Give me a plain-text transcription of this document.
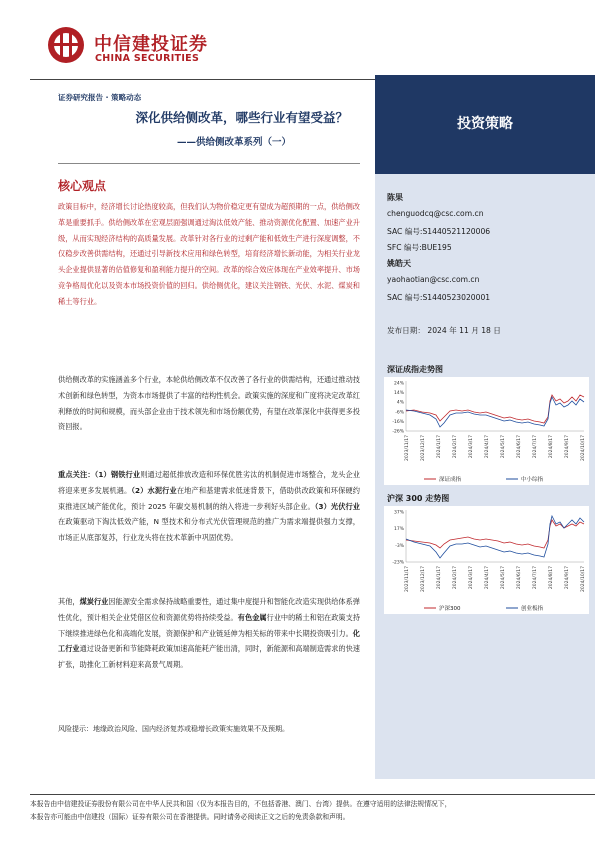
中信建投证券
CHINA SECURITIES
证券研究报告 · 策略动态
深化供给侧改革，哪些行业有望受益？
——供给侧改革系列（一）
投资策略
核心观点
政策目标中，经济增长讨论热度较高，但我们认为物价稳定更有望成为超预期的一点，供给侧改革是重要抓手。供给侧改革在宏观层面强调通过淘汰低效产能、推动资源优化配置、加速产业升级，从而实现经济结构的高质量发展。改革针对各行业的过剩产能和低效生产进行深度调整，不仅稳步改善供需结构，还通过引导新技术应用和绿色转型，培育经济增长新动能，为相关行业龙头企业提供显著的估值修复和盈利能力提升的空间。改革的综合效应体现在产业效率提升、市场竞争格局优化以及资本市场投资价值的回归。供给侧优化，建议关注钢铁、光伏、水泥、煤炭和稀土等行业。
供给侧改革的实施涵盖多个行业，本轮供给侧改革不仅改善了各行业的供需结构，还通过推动技术创新和绿色转型，为资本市场提供了丰富的结构性机会。政策实施的深度和广度将决定改革红利释放的时间和规模，而头部企业由于技术领先和市场份额优势，有望在改革深化中获得更多投资回报。
重点关注：（1）钢铁行业则通过超低排放改造和环保优胜劣汰的机制促进市场整合，龙头企业将迎来更多发展机遇。（2）水泥行业在地产和基建需求低迷背景下，借助供改政策和环保硬约束推进区域产能优化，预计 2025 年碳交易机制的纳入将进一步利好头部企业。（3）光伏行业在政策驱动下淘汰低效产能，N 型技术和分布式光伏管理规范的推广为需求端提供强力支撑，市场正从底部复苏，行业龙头将在技术革新中巩固优势。
其他，煤炭行业因能源安全需求保持战略重要性，通过集中度提升和智能化改造实现供给体系弹性优化，预计相关企业凭借区位和资源优势将持续受益。有色金属行业中的稀土和铝在政策支持下继续推进绿色化和高端化发展，资源保护和产业链延伸为相关标的带来中长期投资吸引力。化工行业通过设备更新和节能降耗政策加速高能耗产能出清，同时，新能源和高端制造需求的快速扩张，助推化工新材料迎来高景气周期。
风险提示：地缘政治风险、国内经济复苏或稳增长政策实施效果不及预期。
陈果
chenguodcq@csc.com.cn
SAC 编号:S1440521120006
SFC 编号:BUE195
姚皓天
yaohaotian@csc.com.cn
SAC 编号:S1440523020001
发布日期： 2024 年 11 月 18 日
深证成指走势图
24%
14%
4%
-6%
-16%
-26%
2023/11/17 2023/12/17 2024/1/17 2024/2/17 2024/3/17 2024/4/17 2024/5/17 2024/6/17 2024/7/17 2024/8/17 2024/9/17 2024/10/17
深证成指	中小综指
沪深 300 走势图
37%
17%
-3%
-23%
2023/11/17 2023/12/17 2024/1/17 2024/2/17 2024/3/17 2024/4/17 2024/5/17 2024/6/17 2024/7/17 2024/8/17 2024/9/17 2024/10/17
沪深300	创业板指
本报告由中信建投证券股份有限公司在中华人民共和国（仅为本报告目的，不包括香港、澳门、台湾）提供。在遵守适用的法律法规情况下，
本报告亦可能由中信建投（国际）证券有限公司在香港提供。同时请务必阅读正文之后的免责条款和声明。
